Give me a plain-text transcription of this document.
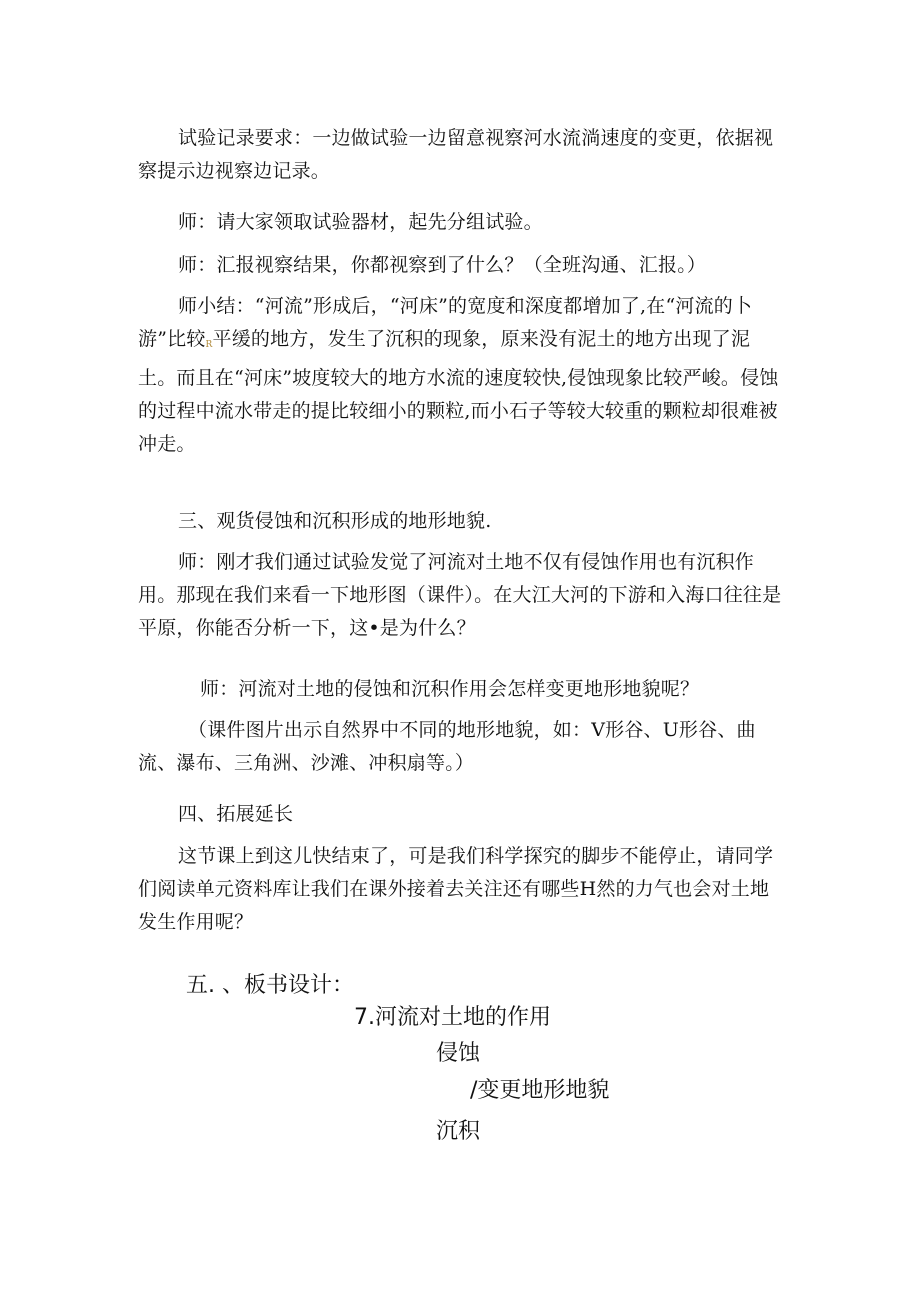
试验记录要求：一边做试验一边留意视察河水流淌速度的变更，依据视察提示边视察边记录。

师：请大家领取试验器材，起先分组试验。

师：汇报视察结果，你都视察到了什么？（全班沟通、汇报。）

师小结：“河流”形成后，“河床”的宽度和深度都增加了,在“河流的卜游”比较R平缓的地方，发生了沉积的现象，原来没有泥土的地方出现了泥土。而且在“河床”坡度较大的地方水流的速度较快,侵蚀现象比较严峻。侵蚀的过程中流水带走的提比较细小的颗粒,而小石子等较大较重的颗粒却很难被冲走。

三、观货侵蚀和沉积形成的地形地貌.

师：刚才我们通过试验发觉了河流对土地不仅有侵蚀作用也有沉积作用。那现在我们来看一下地形图（课件）。在大江大河的下游和入海口往往是平原，你能否分析一下，这•是为什么？

师：河流对土地的侵蚀和沉积作用会怎样变更地形地貌呢？

（课件图片出示自然界中不同的地形地貌，如：V形谷、U形谷、曲流、瀑布、三角洲、沙滩、冲积扇等。）

四、拓展延长

这节课上到这儿快结束了，可是我们科学探究的脚步不能停止，请同学们阅读单元资料库让我们在课外接着去关注还有哪些H然的力气也会对土地发生作用呢？

五. 、板书设计：
7.河流对土地的作用
侵蚀
/变更地形地貌
沉积
